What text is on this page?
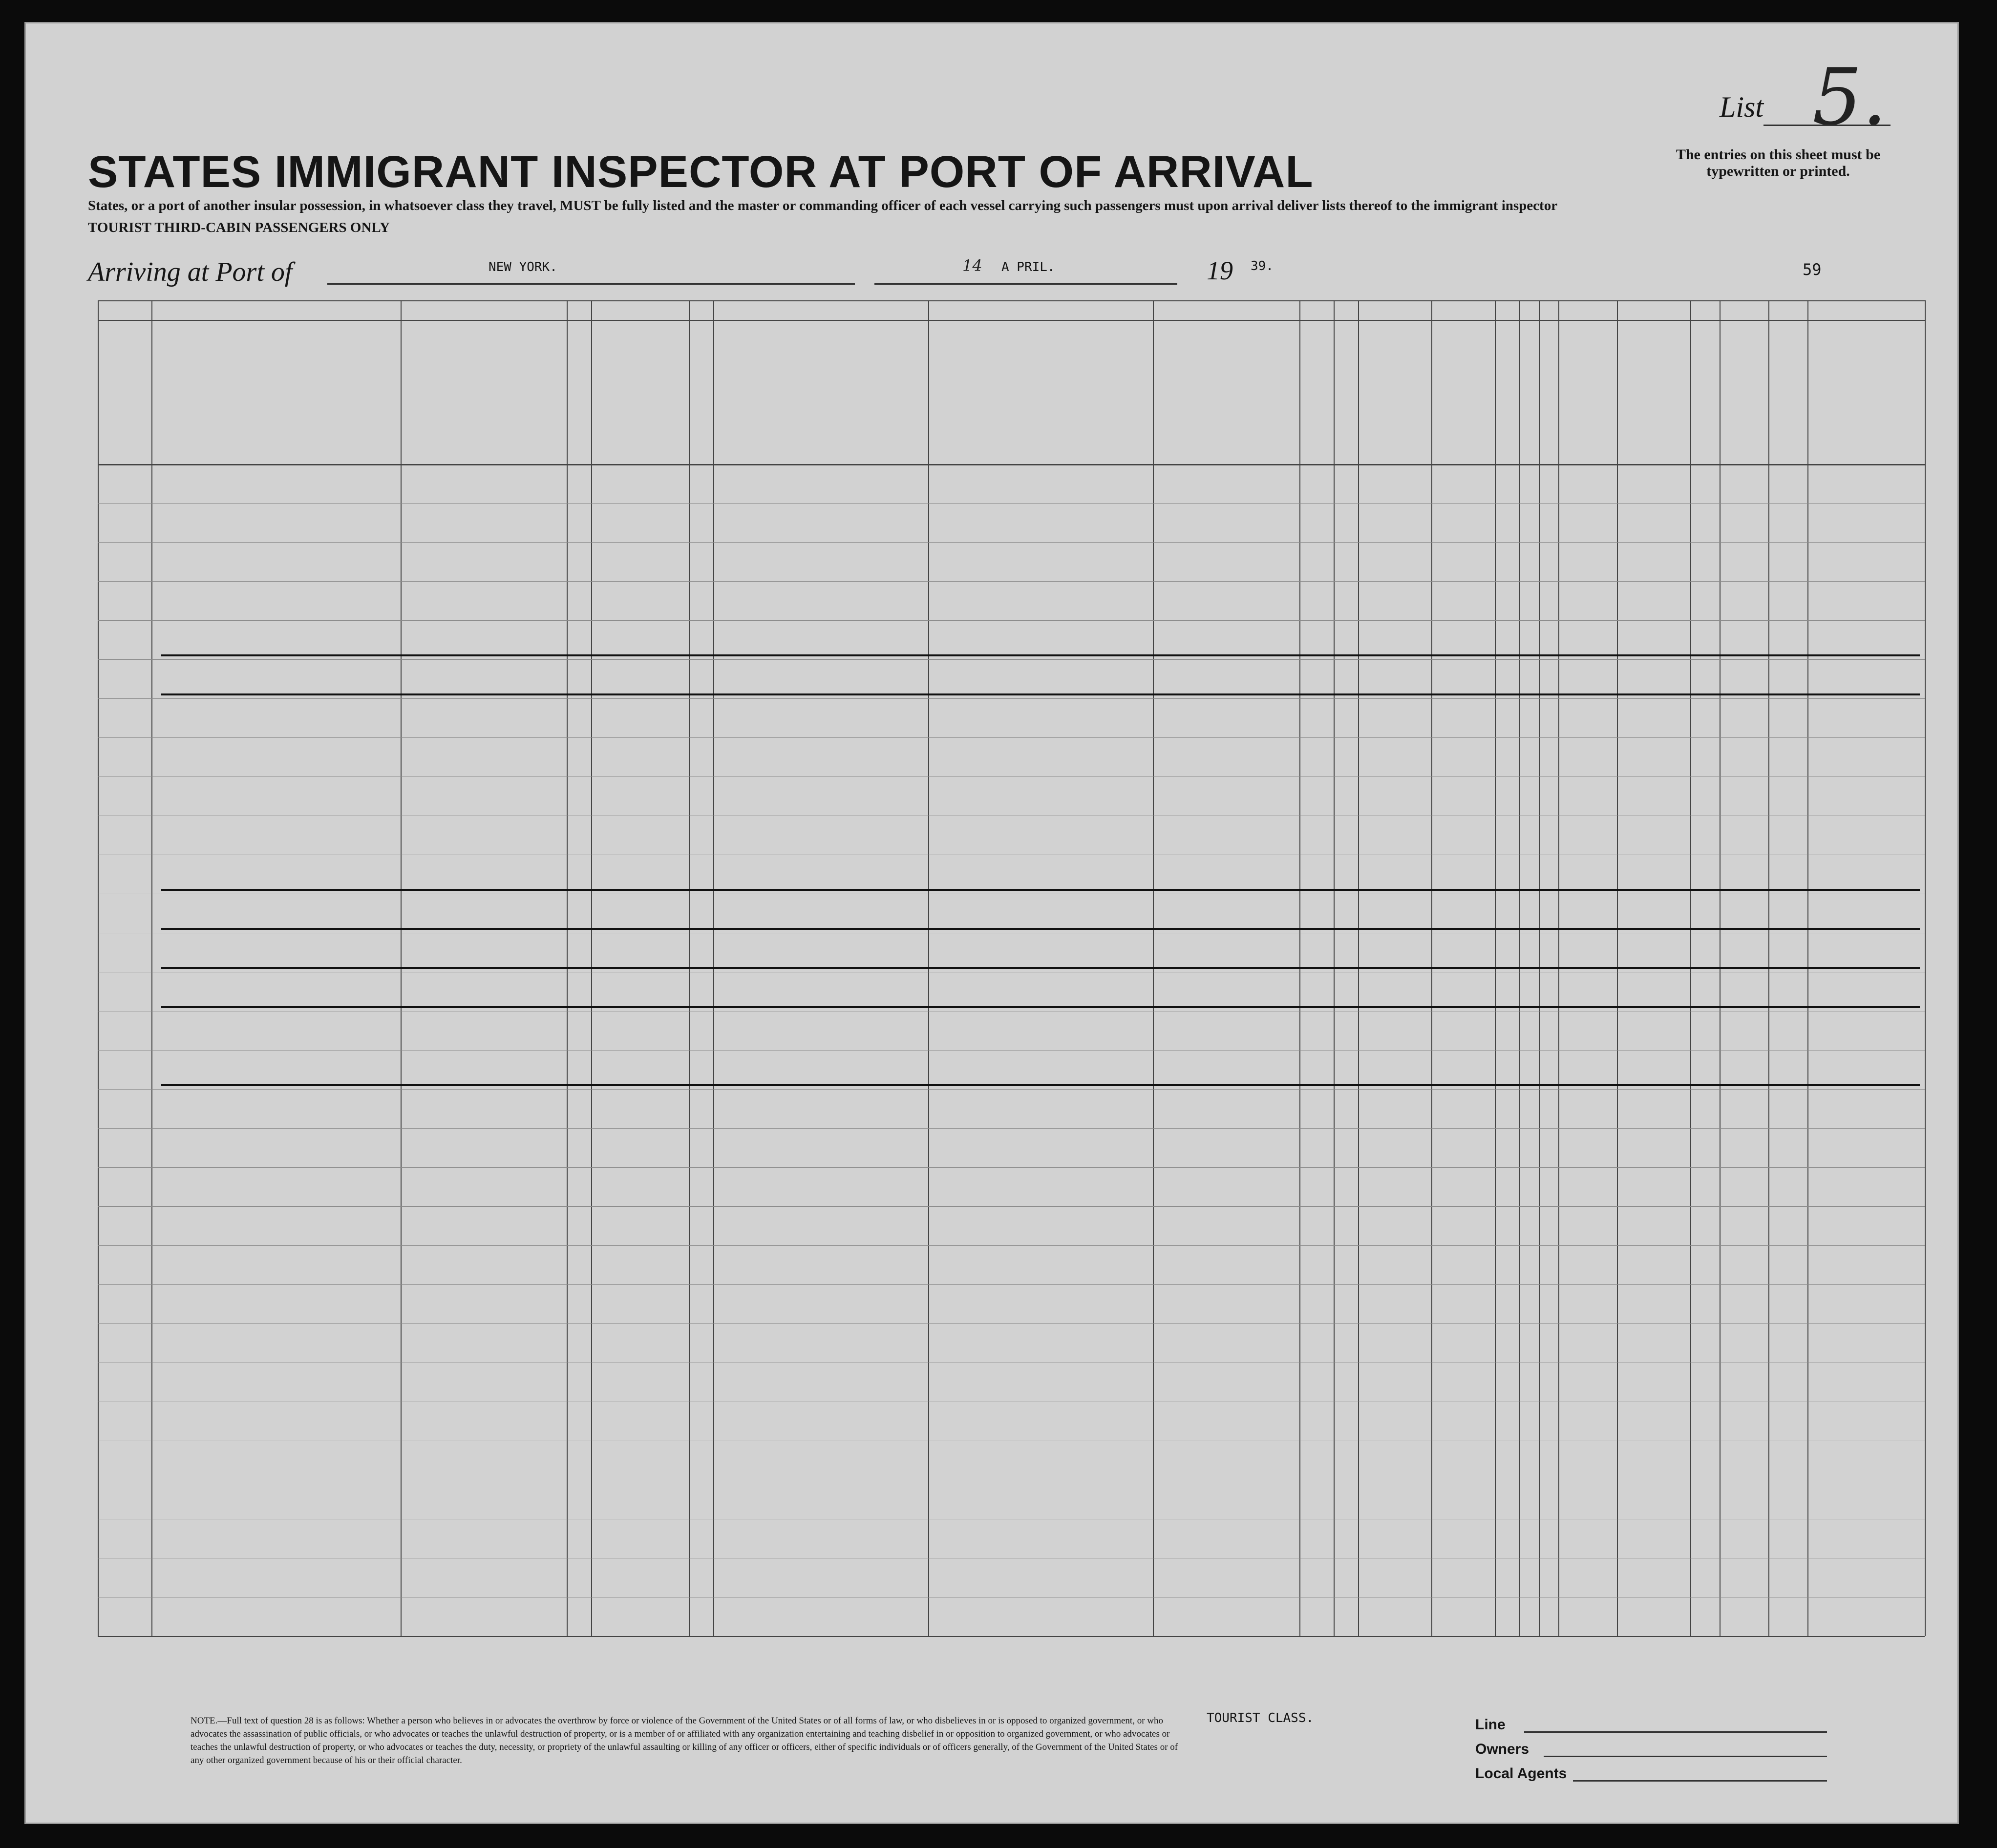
List 5.
STATES IMMIGRANT INSPECTOR AT PORT OF ARRIVAL	The entries on this sheet must be typewritten or printed.
States, or a port of another insular possession, in whatsoever class they travel, MUST be fully listed and the master or commanding officer of each vessel carrying such passengers must upon arrival deliver lists thereof to the immigrant inspector
TOURIST THIRD-CABIN PASSENGERS ONLY
Arriving at Port of	NEW YORK.	14 A PRIL.	19 39.	59
NOTE.—Full text of question 28 is as follows: Whether a person who believes in or advocates the overthrow by force or violence of the Government of the United States or of all forms of law, or who disbelieves in or is opposed to organized government, or who advocates the assassination of public officials, or who advocates or teaches the unlawful destruction of property, or is a member of or affiliated with any organization entertaining and teaching disbelief in or opposition to organized government, or who advocates or teaches the unlawful destruction of property, or who advocates or teaches the duty, necessity, or propriety of the unlawful assaulting or killing of any officer or officers, either of specific individuals or of officers generally, of the Government of the United States or of any other organized government because of his or their official character.
TOURIST CLASS.	Line
Owners
Local Agents
